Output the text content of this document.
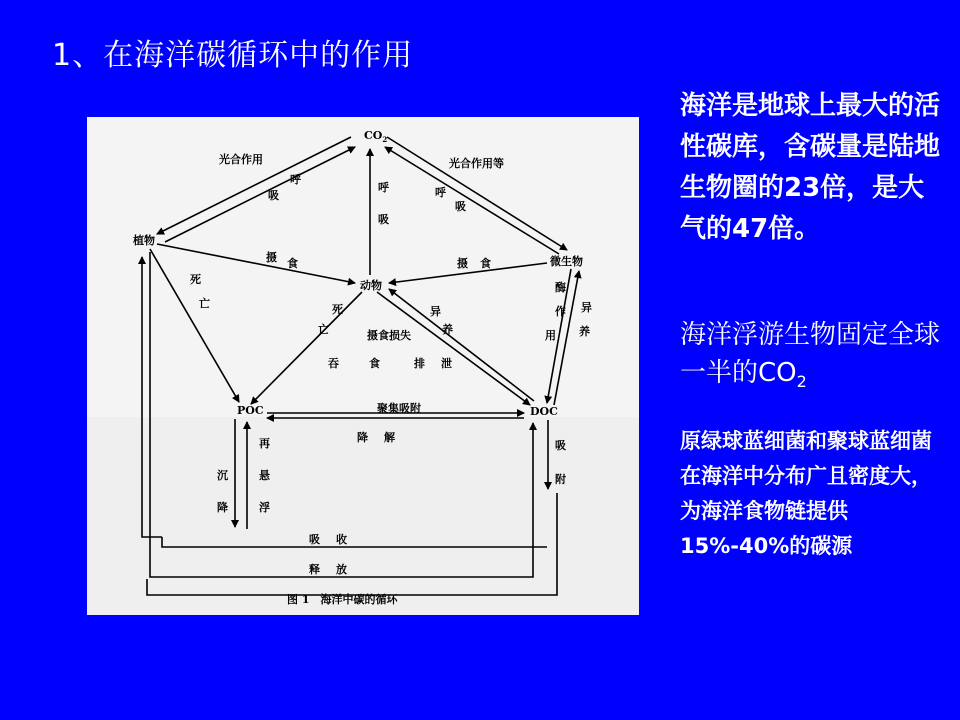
1、在海洋碳循环中的作用
$CO_2$
植物
动物
微生物
POC	DOC
光合作用
呼
吸
光合作用等
呼
吸
呼
吸
摄 食	摄 食
死
亡	死
亡
酶
作
用
异
养
异
养
摄食损失
吞	食	排 泄
聚集吸附
降 解
再
悬
浮
沉
降
吸
附
吸 收
释 放
图 1　海洋中碳的循环

海洋是地球上最大的活性碳库，含碳量是陆地生物圈的23倍，是大气的47倍。

海洋浮游生物固定全球一半的$CO_2$

原绿球蓝细菌和聚球蓝细菌在海洋中分布广且密度大，为海洋食物链提供15%-40%的碳源
